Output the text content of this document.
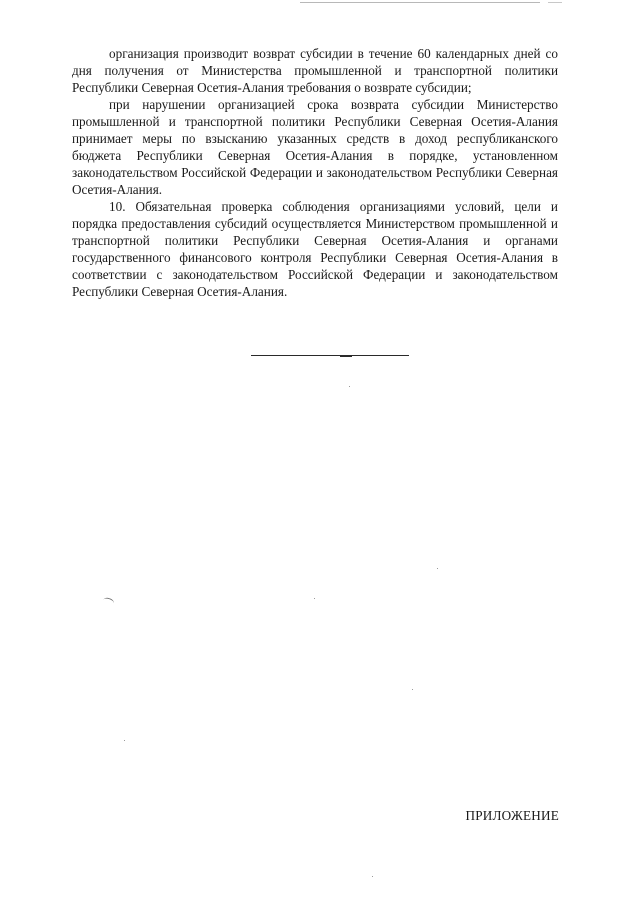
организация производит возврат субсидии в течение 60 календарных дней со дня получения от Министерства промышленной и транспортной политики Республики Северная Осетия-Алания требования о возврате субсидии;

при нарушении организацией срока возврата субсидии Министерство промышленной и транспортной политики Республики Северная Осетия-Алания принимает меры по взысканию указанных средств в доход республиканского бюджета Республики Северная Осетия-Алания в порядке, установленном законодательством Российской Федерации и законодательством Республики Северная Осетия-Алания.

10. Обязательная проверка соблюдения организациями условий, цели и порядка предоставления субсидий осуществляется Министерством промышленной и транспортной политики Республики Северная Осетия-Алания и органами государственного финансового контроля Республики Северная Осетия-Алания в соответствии с законодательством Российской Федерации и законодательством Республики Северная Осетия-Алания.

ПРИЛОЖЕНИЕ
